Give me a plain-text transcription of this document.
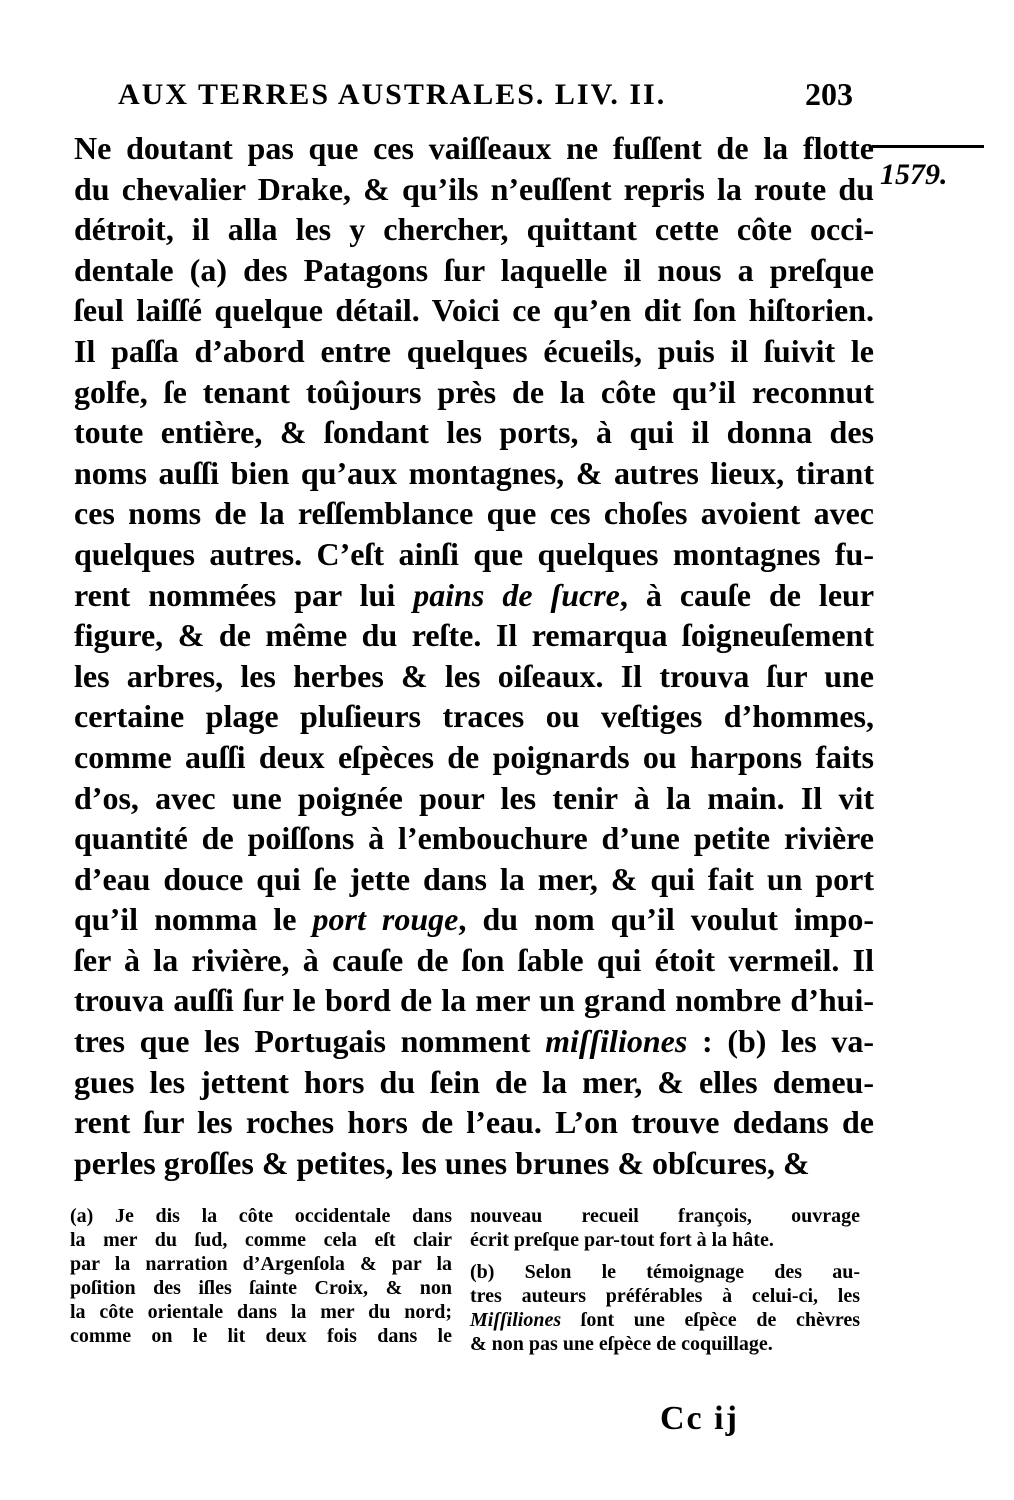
AUX TERRES AUSTRALES. LIV. II.	203
1579.
Ne doutant pas que ces vaiſſeaux ne fuſſent de la flotte
du chevalier Drake, & qu’ils n’euſſent repris la route du
détroit, il alla les y chercher, quittant cette côte occi-
dentale (a) des Patagons ſur laquelle il nous a preſque
ſeul laiſſé quelque détail. Voici ce qu’en dit ſon hiſtorien.
Il paſſa d’abord entre quelques écueils, puis il ſuivit le
golfe, ſe tenant toûjours près de la côte qu’il reconnut
toute entière, & ſondant les ports, à qui il donna des
noms auſſi bien qu’aux montagnes, & autres lieux, tirant
ces noms de la reſſemblance que ces choſes avoient avec
quelques autres. C’eſt ainſi que quelques montagnes fu-
rent nommées par lui pains de ſucre, à cauſe de leur
figure, & de même du reſte. Il remarqua ſoigneuſement
les arbres, les herbes & les oiſeaux. Il trouva ſur une
certaine plage pluſieurs traces ou veſtiges d’hommes,
comme auſſi deux eſpèces de poignards ou harpons faits
d’os, avec une poignée pour les tenir à la main. Il vit
quantité de poiſſons à l’embouchure d’une petite rivière
d’eau douce qui ſe jette dans la mer, & qui fait un port
qu’il nomma le port rouge, du nom qu’il voulut impo-
ſer à la rivière, à cauſe de ſon ſable qui étoit vermeil. Il
trouva auſſi ſur le bord de la mer un grand nombre d’hui-
tres que les Portugais nomment miſſiliones : (b) les va-
gues les jettent hors du ſein de la mer, & elles demeu-
rent ſur les roches hors de l’eau. L’on trouve dedans de
perles groſſes & petites, les unes brunes & obſcures, &
(a) Je dis la côte occidentale dans
la mer du ſud, comme cela eſt clair
par la narration d’Argenſola & par la
poſition des iſles ſainte Croix, & non
la côte orientale dans la mer du nord;
comme on le lit deux fois dans le
nouveau recueil françois, ouvrage
écrit preſque par-tout fort à la hâte.
(b) Selon le témoignage des au-
tres auteurs préférables à celui-ci, les
Miſſiliones ſont une eſpèce de chèvres
& non pas une eſpèce de coquillage.
Cc ij
